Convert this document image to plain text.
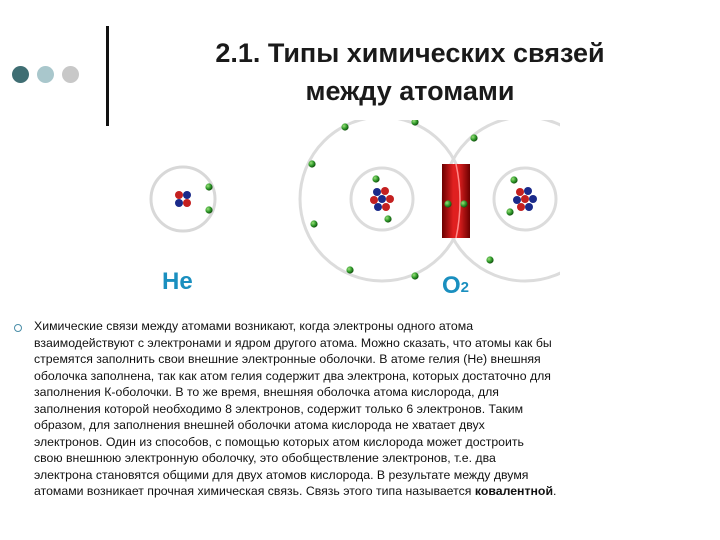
2.1. Типы химических связей
между атомами
He	$O_2$
Химические связи между атомами возникают, когда электроны одного атома
взаимодействуют с электронами и ядром другого атома. Можно сказать, что атомы как бы
стремятся заполнить свои внешние электронные оболочки. В атоме гелия (He) внешняя
оболочка заполнена, так как атом гелия содержит два электрона, которых достаточно для
заполнения К-оболочки. В то же время, внешняя оболочка атома кислорода, для
заполнения которой необходимо 8 электронов, содержит только 6 электронов. Таким
образом, для заполнения внешней оболочки атома кислорода не хватает двух
электронов. Один из способов, с помощью которых атом кислорода может достроить
свою внешнюю электронную оболочку, это обобществление электронов, т.е. два
электрона становятся общими для двух атомов кислорода. В результате между двумя
атомами возникает прочная химическая связь. Связь этого типа называется ковалентной.
